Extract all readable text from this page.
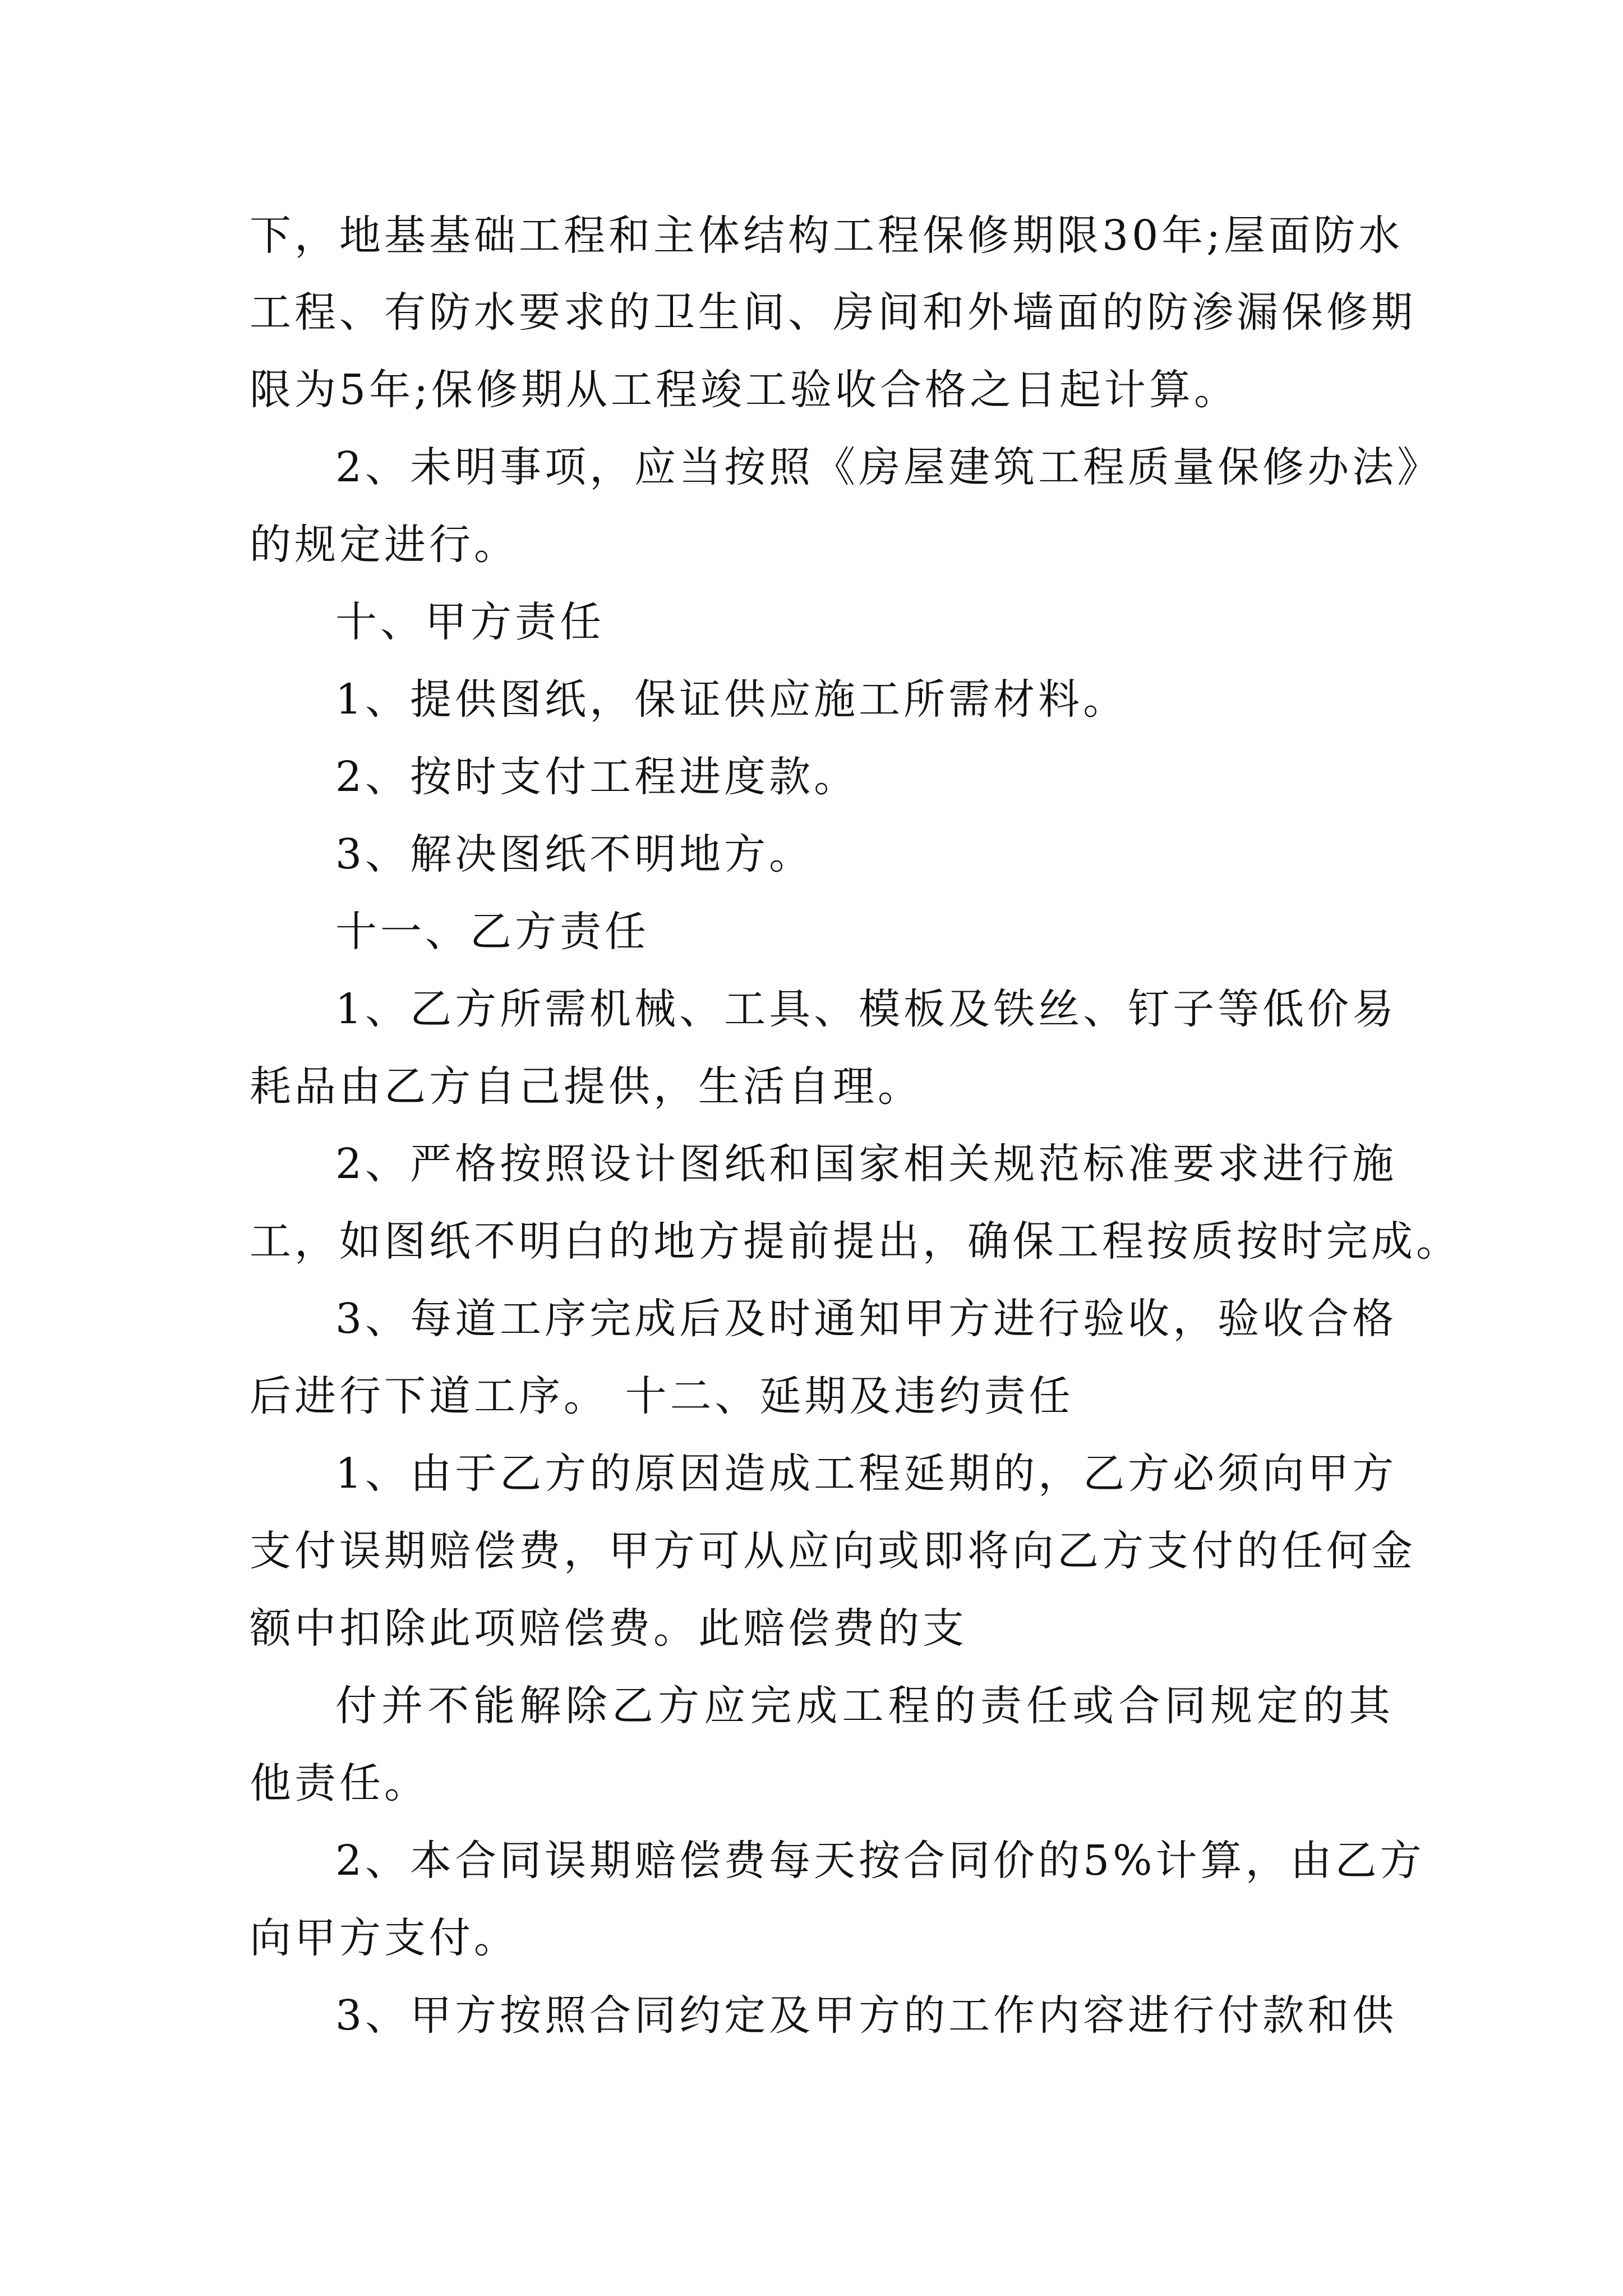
下，地基基础工程和主体结构工程保修期限30年;屋面防水
工程、有防水要求的卫生间、房间和外墙面的防渗漏保修期
限为5年;保修期从工程竣工验收合格之日起计算。
2、未明事项，应当按照《房屋建筑工程质量保修办法》
的规定进行。
十、甲方责任
1、提供图纸，保证供应施工所需材料。
2、按时支付工程进度款。
3、解决图纸不明地方。
十一、乙方责任
1、乙方所需机械、工具、模板及铁丝、钉子等低价易
耗品由乙方自己提供，生活自理。
2、严格按照设计图纸和国家相关规范标准要求进行施
工，如图纸不明白的地方提前提出，确保工程按质按时完成。
3、每道工序完成后及时通知甲方进行验收，验收合格
后进行下道工序。 十二、延期及违约责任
1、由于乙方的原因造成工程延期的，乙方必须向甲方
支付误期赔偿费，甲方可从应向或即将向乙方支付的任何金
额中扣除此项赔偿费。此赔偿费的支
付并不能解除乙方应完成工程的责任或合同规定的其
他责任。
2、本合同误期赔偿费每天按合同价的5%计算，由乙方
向甲方支付。
3、甲方按照合同约定及甲方的工作内容进行付款和供
